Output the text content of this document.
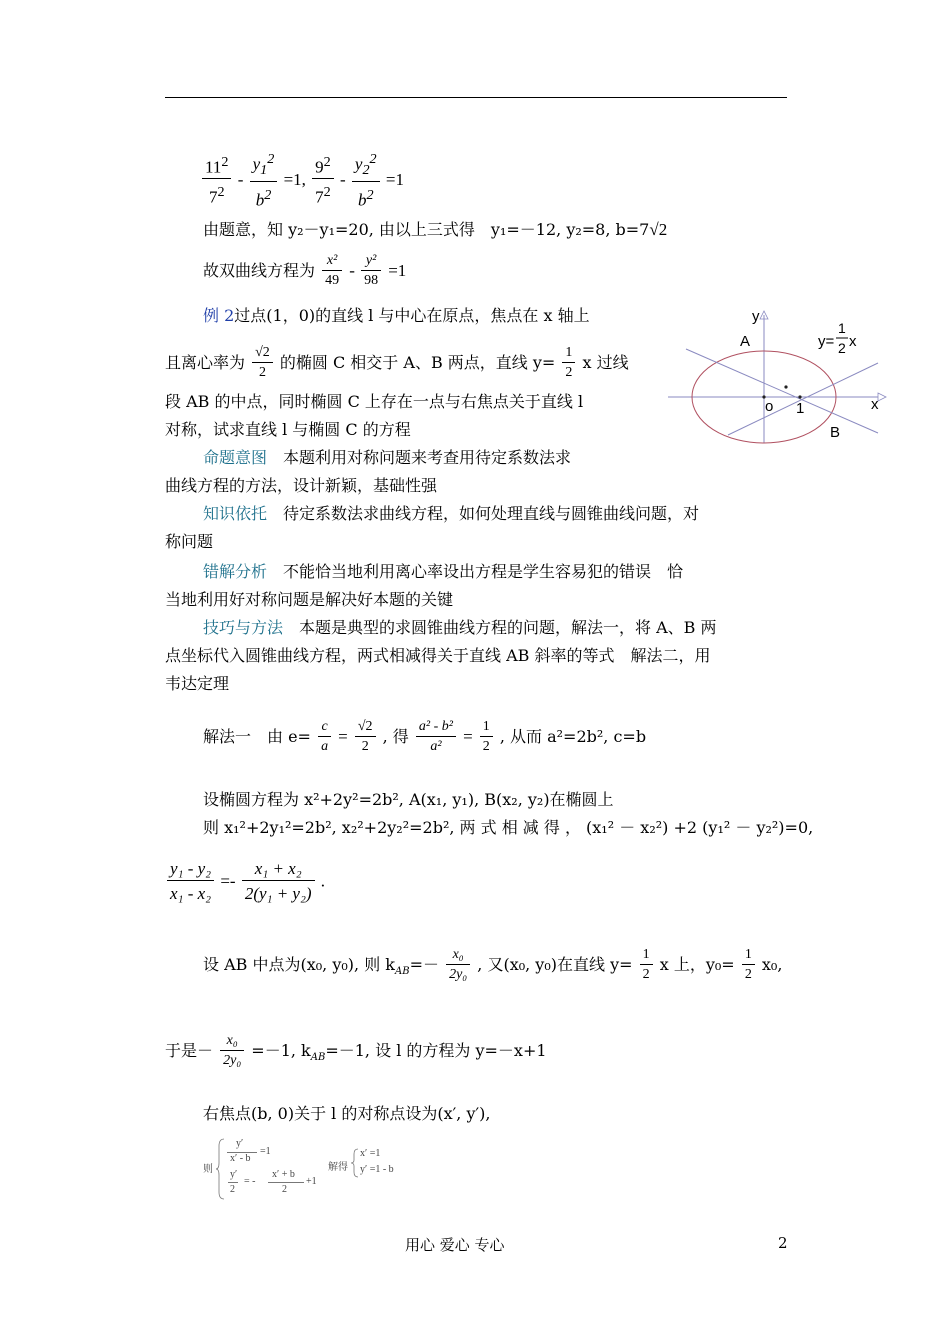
$\frac{11^2}{7^2} - \frac{y_1^2}{b^2} =1$, $\frac{9^2}{7^2} - \frac{y_2^2}{b^2} =1$
由题意，知 y₂－y₁=20, 由以上三式得　y₁=－12, y₂=8, b=7√2
故双曲线方程为 $\frac{\text{x²}}{49} - \frac{\text{y²}}{98} =1$
例 2过点(1，0)的直线 l 与中心在原点，焦点在 x 轴上
且离心率为 $\frac{√2}{2}$ 的椭圆 C 相交于 A、B 两点，直线 $y= \frac{1}{2}$ x 过线
段 AB 的中点，同时椭圆 C 上存在一点与右焦点关于直线 l
对称，试求直线 l 与椭圆 C 的方程
y
x
A
B
o 1
y=
1
2 x
命题意图　 本题利用对称问题来考查用待定系数法求
曲线方程的方法，设计新颖，基础性强
知识依托　 待定系数法求曲线方程，如何处理直线与圆锥曲线问题，对
称问题
错解分析　 不能恰当地利用离心率设出方程是学生容易犯的错误　恰
当地利用好对称问题是解决好本题的关键
技巧与方法　 本题是典型的求圆锥曲线方程的问题，解法一，将 A、B 两
点坐标代入圆锥曲线方程，两式相减得关于直线 AB 斜率的等式　解法二，用
韦达定理
解法一　由 $e= \frac{c}{a} = \frac{√2}{2}$ , 得 $\frac{\text{a² - b²}}{\text{a²}} = \frac{1}{2}$ , 从而 a²=2b², c=b
设椭圆方程为 x²+2y²=2b², A(x₁, y₁), B(x₂, y₂)在椭圆上
则 x₁²+2y₁²=2b², x₂²+2y₂²=2b², 两 式 相 减 得 ， (x₁² － x₂²) +2 (y₁² － y₂²)=0,
$\frac{\text{y₁ - y₂}}{\text{x₁ - x₂}} =- \frac{\text{x₁ + x₂}}{\text{2(y₁ + y₂)}}$ .
设 AB 中点为(x₀, y₀), 则 $k_{AB}=- \frac{\text{x₀}}{\text{2y₀}}$ , 又(x₀, y₀)在直线 $y= \frac{1}{2}$ x 上，$y_0= \frac{1}{2} x_0$,
于是－ $\frac{\text{x₀}}{\text{2y₀}} =-1$, $k_{AB}=-1$, 设 l 的方程为 y=－x+1
右焦点(b, 0)关于 l 的对称点设为(x′, y′),
则
y′
x′ - b
=1
y′
2
= -
x′ + b
2
+1
解得
x′ =1
y′ =1 - b
用心 爱心 专心	2
